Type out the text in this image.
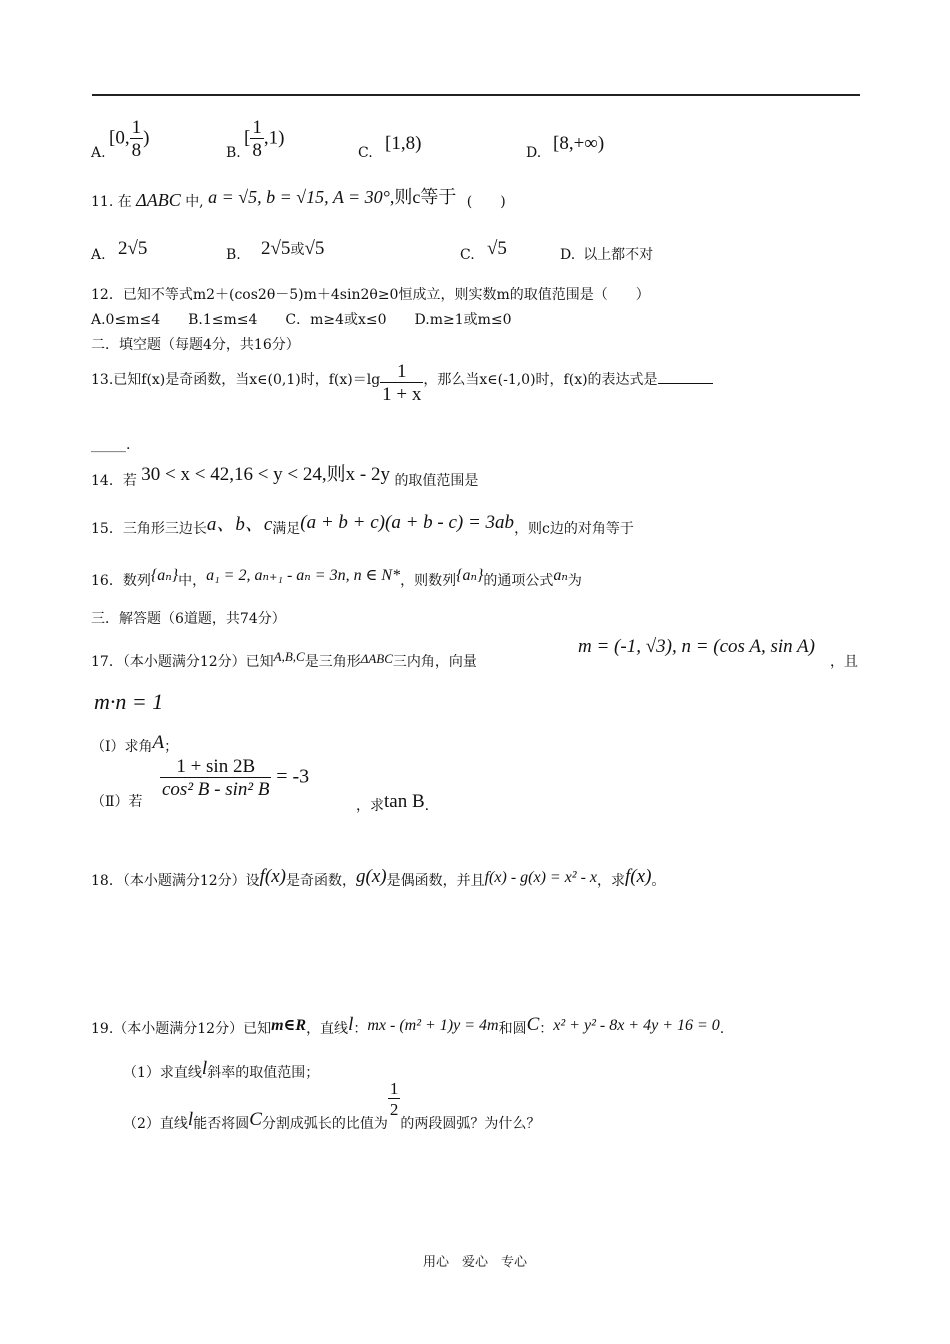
A.
[0, $\frac{1}{8}$ )
B.
[ $\frac{1}{8} ,1$)
C. [1,8)	D. [8,+∞)
11. 在 ΔABC 中, a = √5, b = √15, A = 30°,则c等于 (　　)
A. 2√5	B. 2√5或√5	C. √5	D. 以上都不对
12．已知不等式m2＋(cos2θ－5)m＋4sin2θ≥0恒成立，则实数m的取值范围是（　　）
A.0≤m≤4　　B.1≤m≤4　　C．m≥4或x≤0　　D.m≥1或m≤0
二．填空题（每题4分，共16分）
13.已知f(x)是奇函数，当x∈(0,1)时，$f(x)=\lg \frac{1}{1 + x}$ ，那么当x∈(-1,0)时，f(x)的表达式是
_____.
14．若 30 < x < 42,16 < y < 24,则x - 2y 的取值范围是
15．三角形三边长a、b、c满足(a + b + c)(a + b - c) = 3ab，则c边的对角等于
16．数列{aₙ}中，a₁ = 2, aₙ₊₁ - aₙ = 3n, n ∈ N*，则数列{aₙ}的通项公式aₙ为
三．解答题（6道题，共74分）
17．（本小题满分12分）已知A,B,C是三角形ΔABC三内角，向量
m = (-1, √3), n = (cos A, sin A)
，且
m·n = 1
（Ⅰ）求角A；
（Ⅱ）若
$\frac{1 + \sin 2B}{\text{cos² B - sin² B}} = -3$
，求tan B.
18．（本小题满分12分）设f(x)是奇函数，g(x)是偶函数，并且f(x) - g(x) = x² - x，求f(x)。
19.（本小题满分12分）已知m∈R，直线l：mx - (m² + 1)y = 4m和圆C：x² + y² - 8x + 4y + 16 = 0.
（1）求直线l斜率的取值范围；
（2）直线l能否将圆C分割成弧长的比值为
$\frac{1}{2}$
的两段圆弧？为什么？
用心　爱心　专心
